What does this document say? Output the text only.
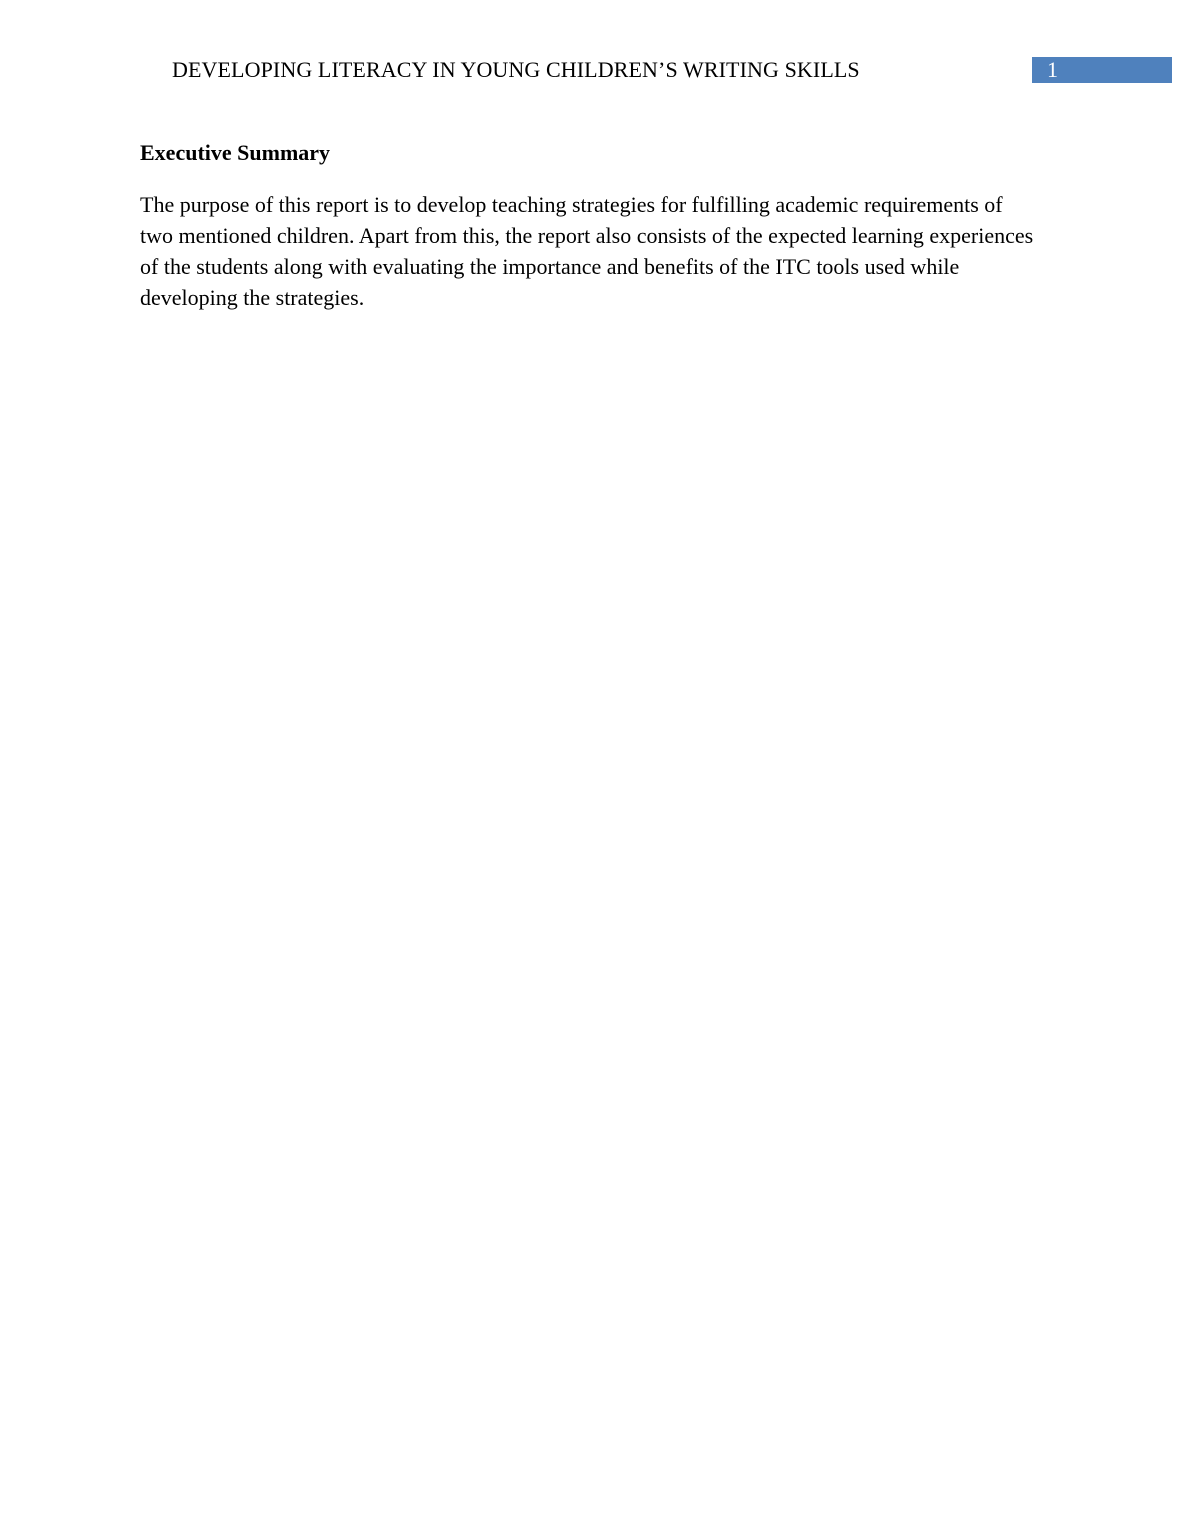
DEVELOPING LITERACY IN YOUNG CHILDREN’S WRITING SKILLS	1
Executive Summary

The purpose of this report is to develop teaching strategies for fulfilling academic requirements of two mentioned children. Apart from this, the report also consists of the expected learning experiences of the students along with evaluating the importance and benefits of the ITC tools used while developing the strategies.
